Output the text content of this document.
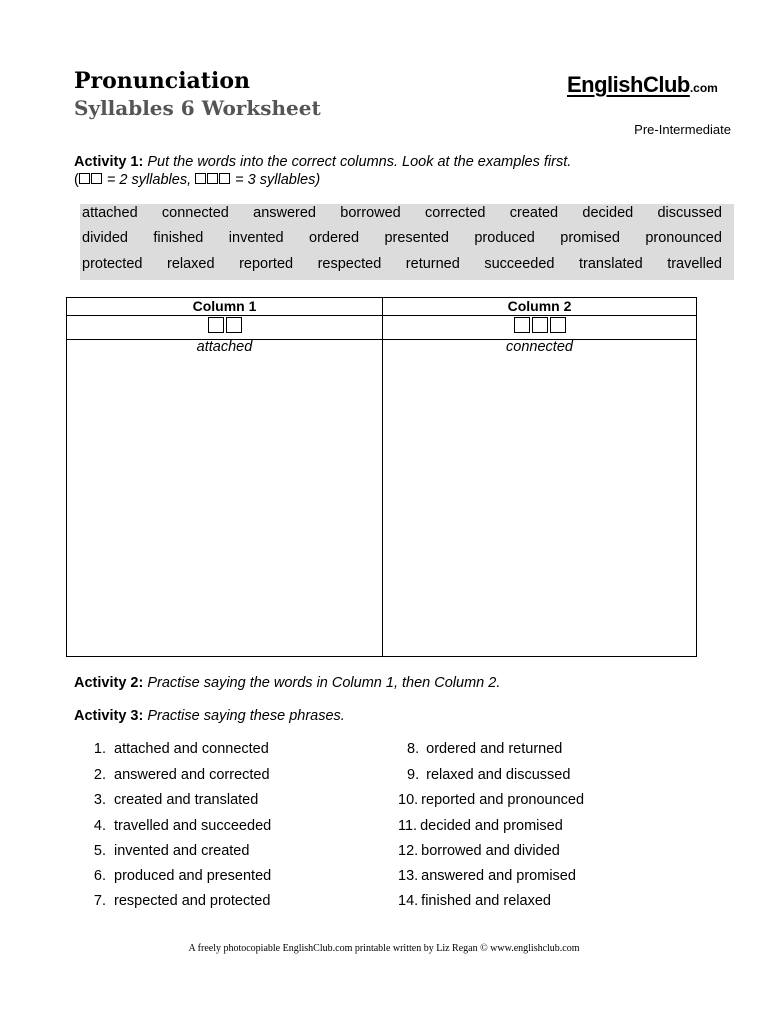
Pronunciation
Syllables 6 Worksheet
EnglishClub.com
Pre-Intermediate
Activity 1: Put the words into the correct columns. Look at the examples first.
( = 2 syllables,  = 3 syllables)
attached connected answered borrowed corrected created decided discussed
divided finished invented ordered presented produced promised pronounced
protected relaxed reported respected returned succeeded translated travelled
Column 1	Column 2
attached	connected
Activity 2: Practise saying the words in Column 1, then Column 2.
Activity 3: Practise saying these phrases.
1. attached and connected
2. answered and corrected
3. created and translated
4. travelled and succeeded
5. invented and created
6. produced and presented
7. respected and protected
8. ordered and returned
9. relaxed and discussed
10. reported and pronounced
11. decided and promised
12. borrowed and divided
13. answered and promised
14. finished and relaxed
A freely photocopiable EnglishClub.com printable written by Liz Regan © www.englishclub.com
